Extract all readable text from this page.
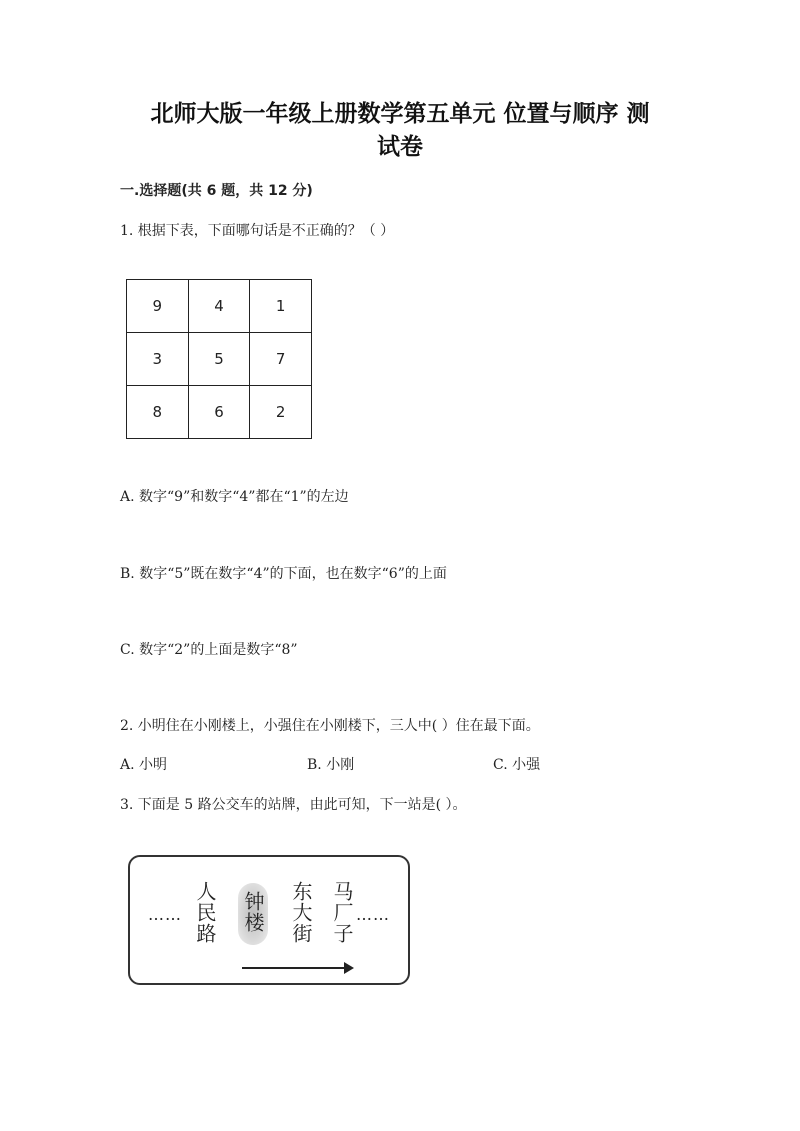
北师大版一年级上册数学第五单元 位置与顺序 测
试卷
一.选择题(共 6 题，共 12 分)
1. 根据下表，下面哪句话是不正确的？（ ）
9	4	1
3	5	7
8	6	2
A. 数字“9”和数字“4”都在“1”的左边
B. 数字“5”既在数字“4”的下面，也在数字“6”的上面
C. 数字“2”的上面是数字“8”
2. 小明住在小刚楼上，小强住在小刚楼下，三人中( ）住在最下面。
A. 小明	B. 小刚	C. 小强
3. 下面是 5 路公交车的站牌，由此可知，下一站是( ）。
…… 人民路 钟楼 东大街 马厂子 ……
